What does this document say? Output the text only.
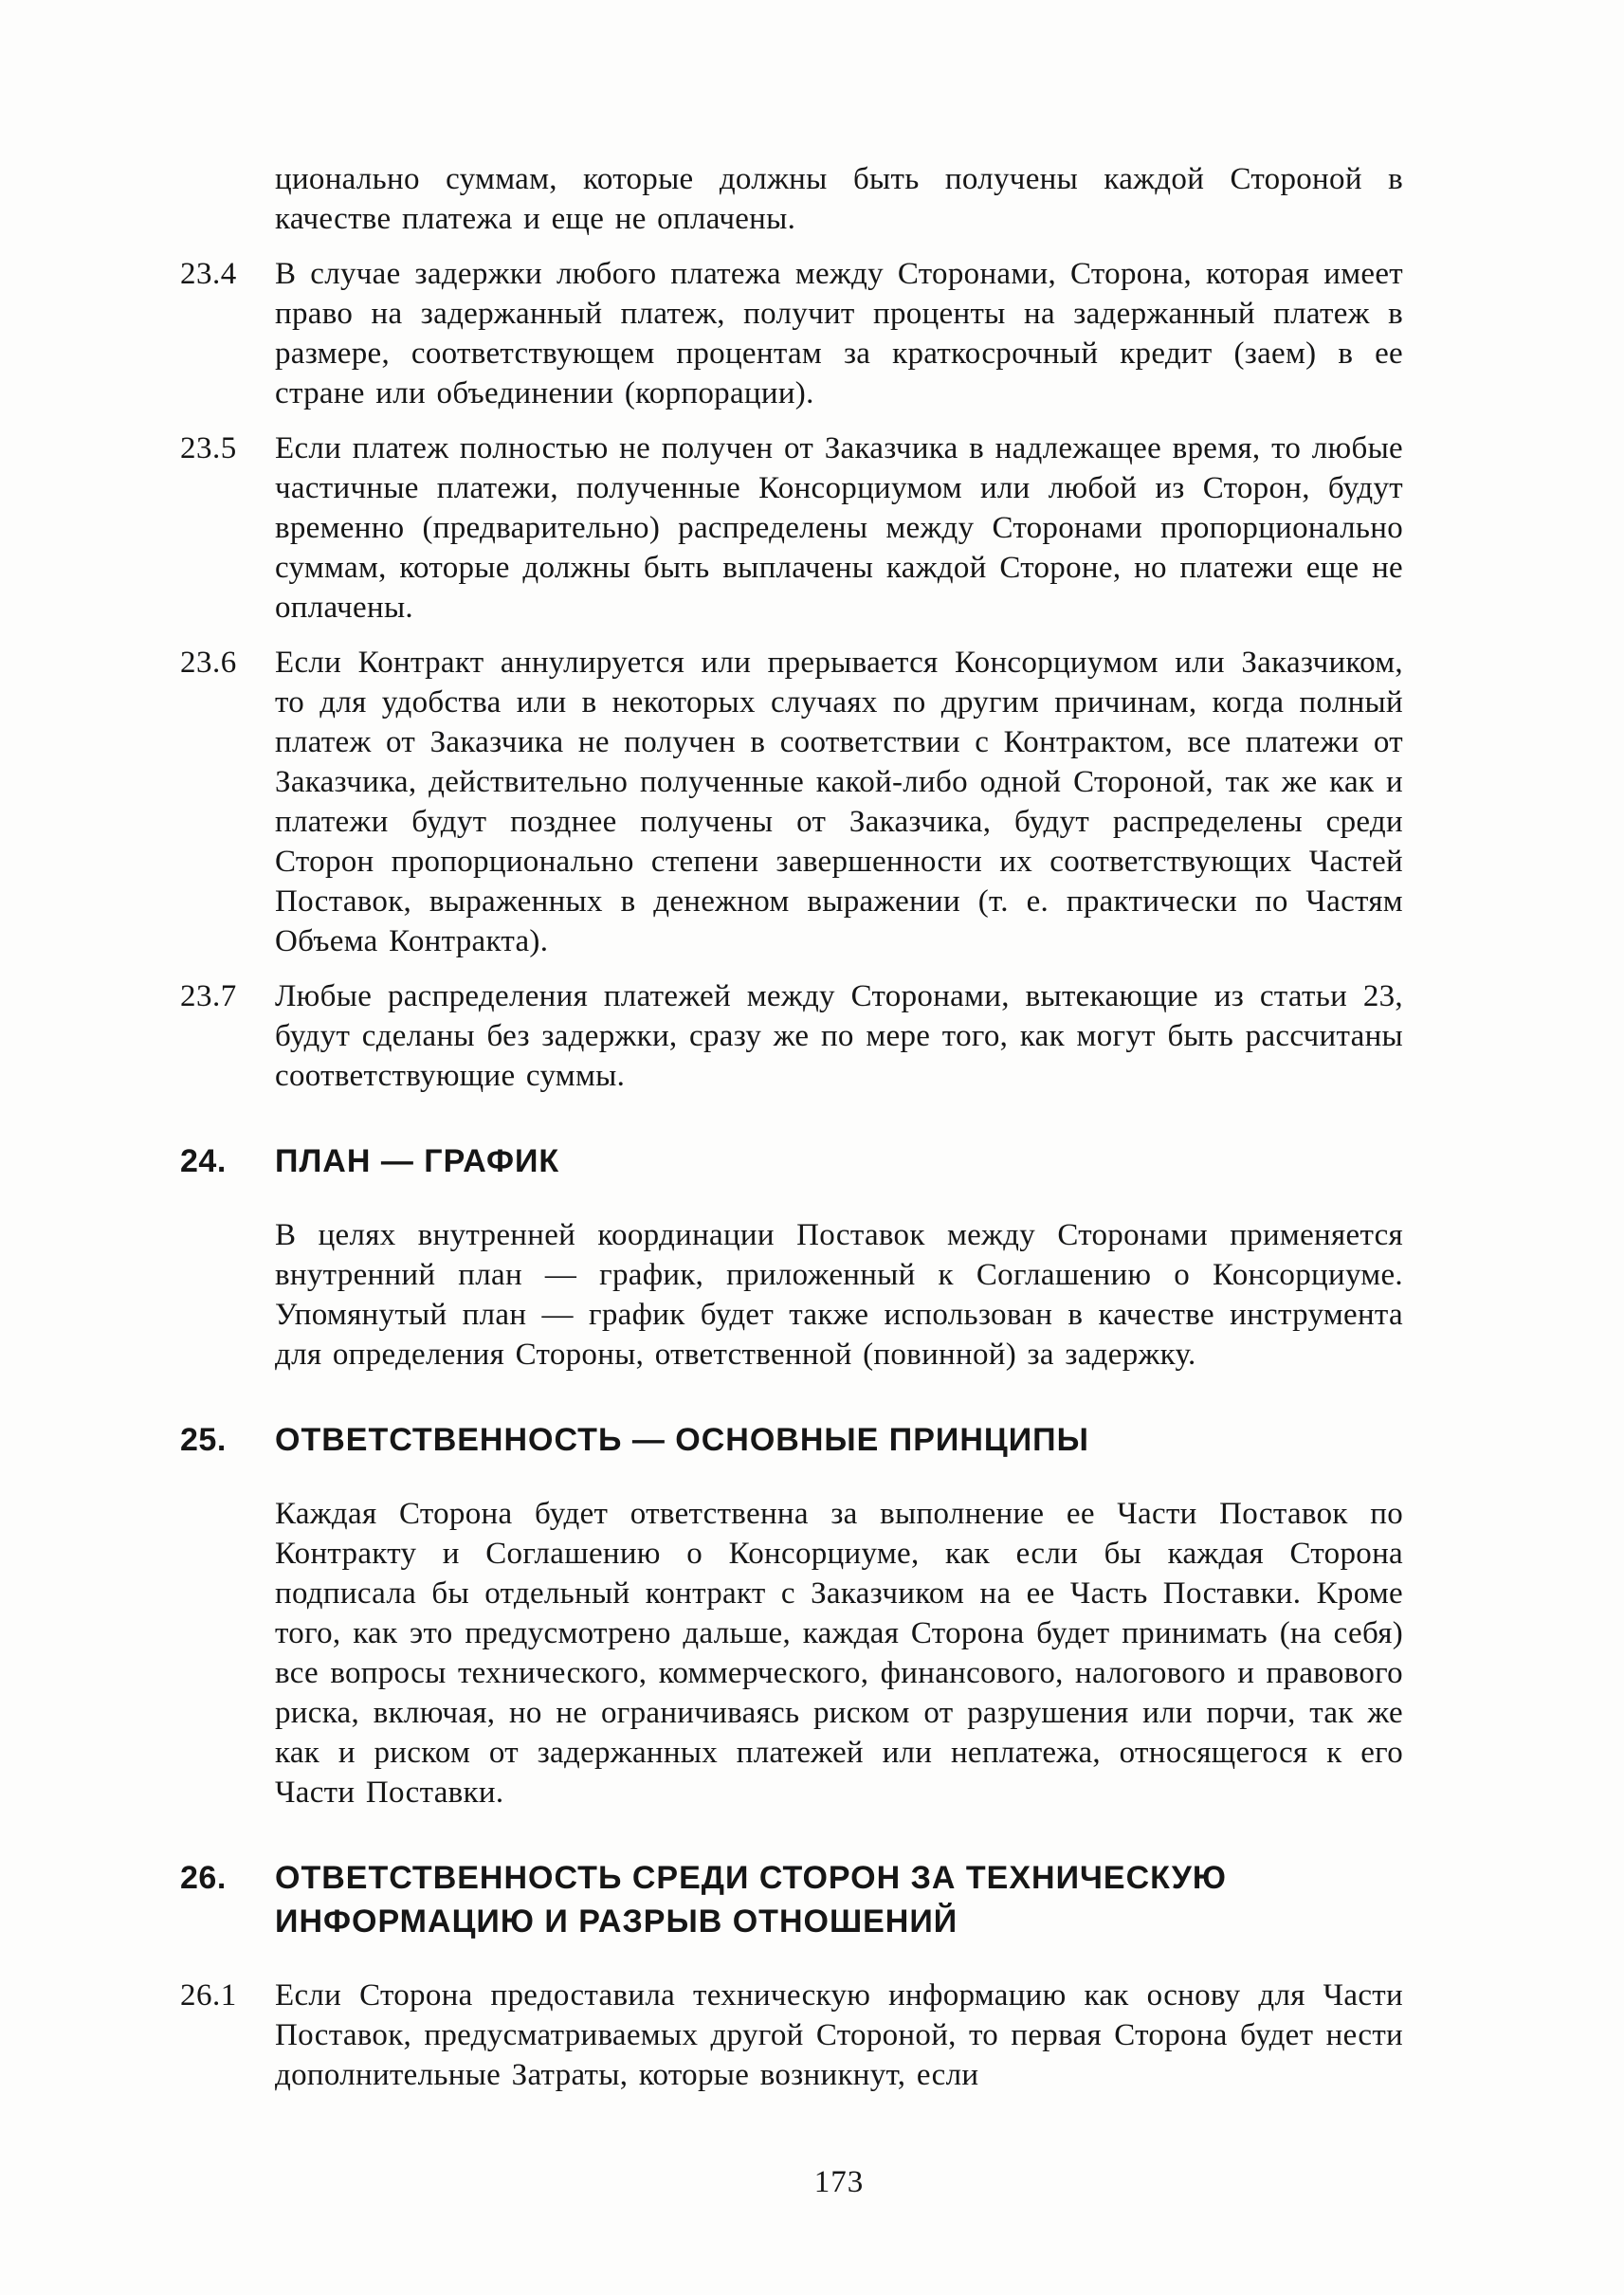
ционально суммам, которые должны быть получены каждой Стороной в качестве платежа и еще не оплачены.
23.4	В случае задержки любого платежа между Сторонами, Сторона, которая имеет право на задержанный платеж, получит проценты на задержанный платеж в размере, соответствующем процентам за краткосрочный кредит (заем) в ее стране или объединении (корпорации).
23.5	Если платеж полностью не получен от Заказчика в надлежащее время, то любые частичные платежи, полученные Консорциумом или любой из Сторон, будут временно (предварительно) распределены между Сторонами пропорционально суммам, которые должны быть выплачены каждой Стороне, но платежи еще не оплачены.
23.6	Если Контракт аннулируется или прерывается Консорциумом или Заказчиком, то для удобства или в некоторых случаях по другим причинам, когда полный платеж от Заказчика не получен в соответствии с Контрактом, все платежи от Заказчика, действительно полученные какой-либо одной Стороной, так же как и платежи будут позднее получены от Заказчика, будут распределены среди Сторон пропорционально степени завершенности их соответствующих Частей Поставок, выраженных в денежном выражении (т. е. практически по Частям Объема Контракта).
23.7	Любые распределения платежей между Сторонами, вытекающие из статьи 23, будут сделаны без задержки, сразу же по мере того, как могут быть рассчитаны соответствующие суммы.
24.	ПЛАН — ГРАФИК
В целях внутренней координации Поставок между Сторонами применяется внутренний план — график, приложенный к Соглашению о Консорциуме. Упомянутый план — график будет также использован в качестве инструмента для определения Стороны, ответственной (повинной) за задержку.
25.	ОТВЕТСТВЕННОСТЬ — ОСНОВНЫЕ ПРИНЦИПЫ
Каждая Сторона будет ответственна за выполнение ее Части Поставок по Контракту и Соглашению о Консорциуме, как если бы каждая Сторона подписала бы отдельный контракт с Заказчиком на ее Часть Поставки. Кроме того, как это предусмотрено дальше, каждая Сторона будет принимать (на себя) все вопросы технического, коммерческого, финансового, налогового и правового риска, включая, но не ограничиваясь риском от разрушения или порчи, так же как и риском от задержанных платежей или неплатежа, относящегося к его Части Поставки.
26.	ОТВЕТСТВЕННОСТЬ СРЕДИ СТОРОН ЗА ТЕХНИЧЕСКУЮ ИНФОРМАЦИЮ И РАЗРЫВ ОТНОШЕНИЙ
26.1	Если Сторона предоставила техническую информацию как основу для Части Поставок, предусматриваемых другой Стороной, то первая Сторона будет нести дополнительные Затраты, которые возникнут, если
173
